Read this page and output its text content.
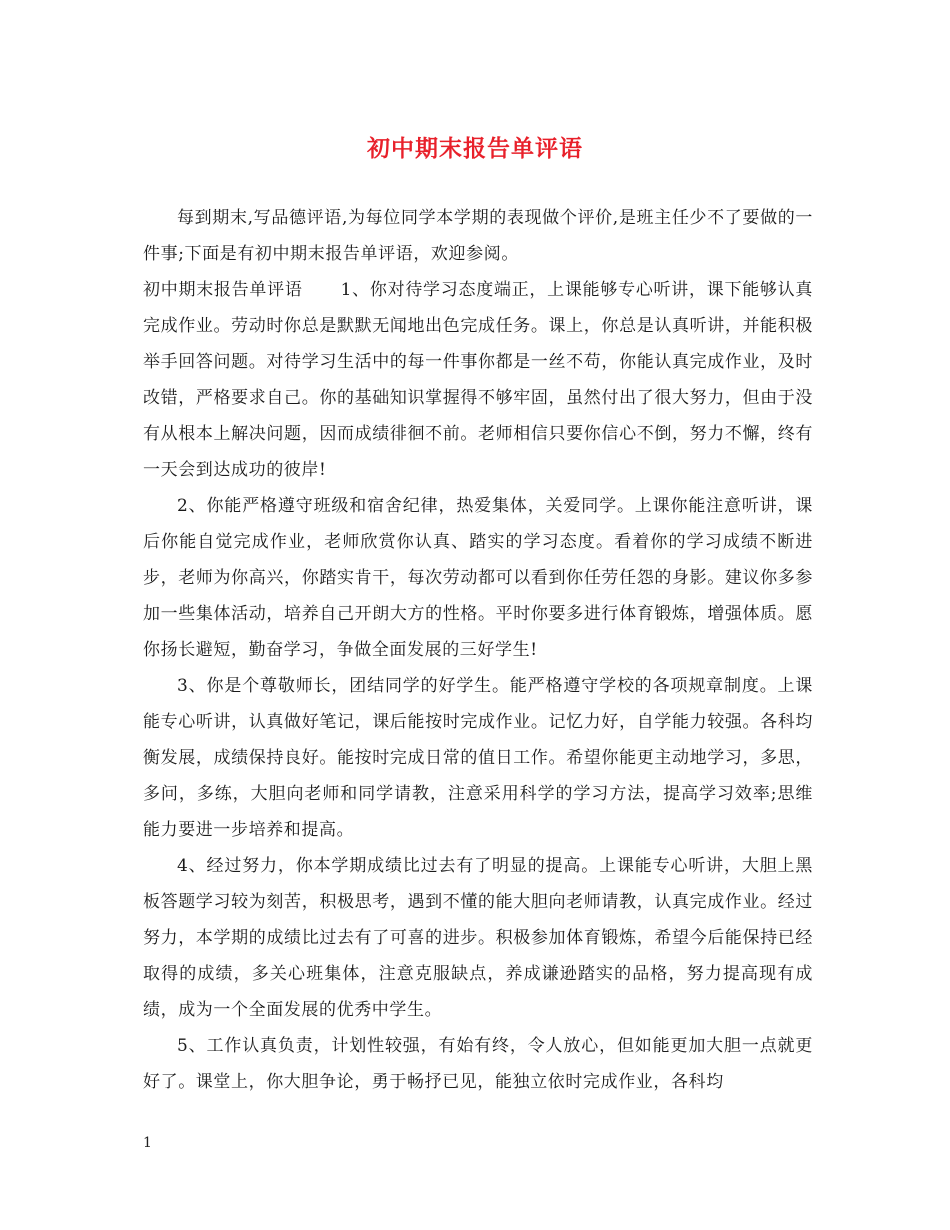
初中期末报告单评语

每到期末,写品德评语,为每位同学本学期的表现做个评价,是班主任少不了要做的一件事;下面是有初中期末报告单评语，欢迎参阅。

初中期末报告单评语 1、你对待学习态度端正，上课能够专心听讲，课下能够认真完成作业。劳动时你总是默默无闻地出色完成任务。课上，你总是认真听讲，并能积极举手回答问题。对待学习生活中的每一件事你都是一丝不苟，你能认真完成作业，及时改错，严格要求自己。你的基础知识掌握得不够牢固，虽然付出了很大努力，但由于没有从根本上解决问题，因而成绩徘徊不前。老师相信只要你信心不倒，努力不懈，终有一天会到达成功的彼岸!

2、你能严格遵守班级和宿舍纪律，热爱集体，关爱同学。上课你能注意听讲，课后你能自觉完成作业，老师欣赏你认真、踏实的学习态度。看着你的学习成绩不断进步，老师为你高兴，你踏实肯干，每次劳动都可以看到你任劳任怨的身影。建议你多参加一些集体活动，培养自己开朗大方的性格。平时你要多进行体育锻炼，增强体质。愿你扬长避短，勤奋学习，争做全面发展的三好学生!

3、你是个尊敬师长，团结同学的好学生。能严格遵守学校的各项规章制度。上课能专心听讲，认真做好笔记，课后能按时完成作业。记忆力好，自学能力较强。各科均衡发展，成绩保持良好。能按时完成日常的值日工作。希望你能更主动地学习，多思，多问，多练，大胆向老师和同学请教，注意采用科学的学习方法，提高学习效率;思维能力要进一步培养和提高。

4、经过努力，你本学期成绩比过去有了明显的提高。上课能专心听讲，大胆上黑板答题学习较为刻苦，积极思考，遇到不懂的能大胆向老师请教，认真完成作业。经过努力，本学期的成绩比过去有了可喜的进步。积极参加体育锻炼，希望今后能保持已经取得的成绩，多关心班集体，注意克服缺点，养成谦逊踏实的品格，努力提高现有成绩，成为一个全面发展的优秀中学生。

5、工作认真负责，计划性较强，有始有终，令人放心，但如能更加大胆一点就更好了。课堂上，你大胆争论，勇于畅抒已见，能独立依时完成作业，各科均

1
